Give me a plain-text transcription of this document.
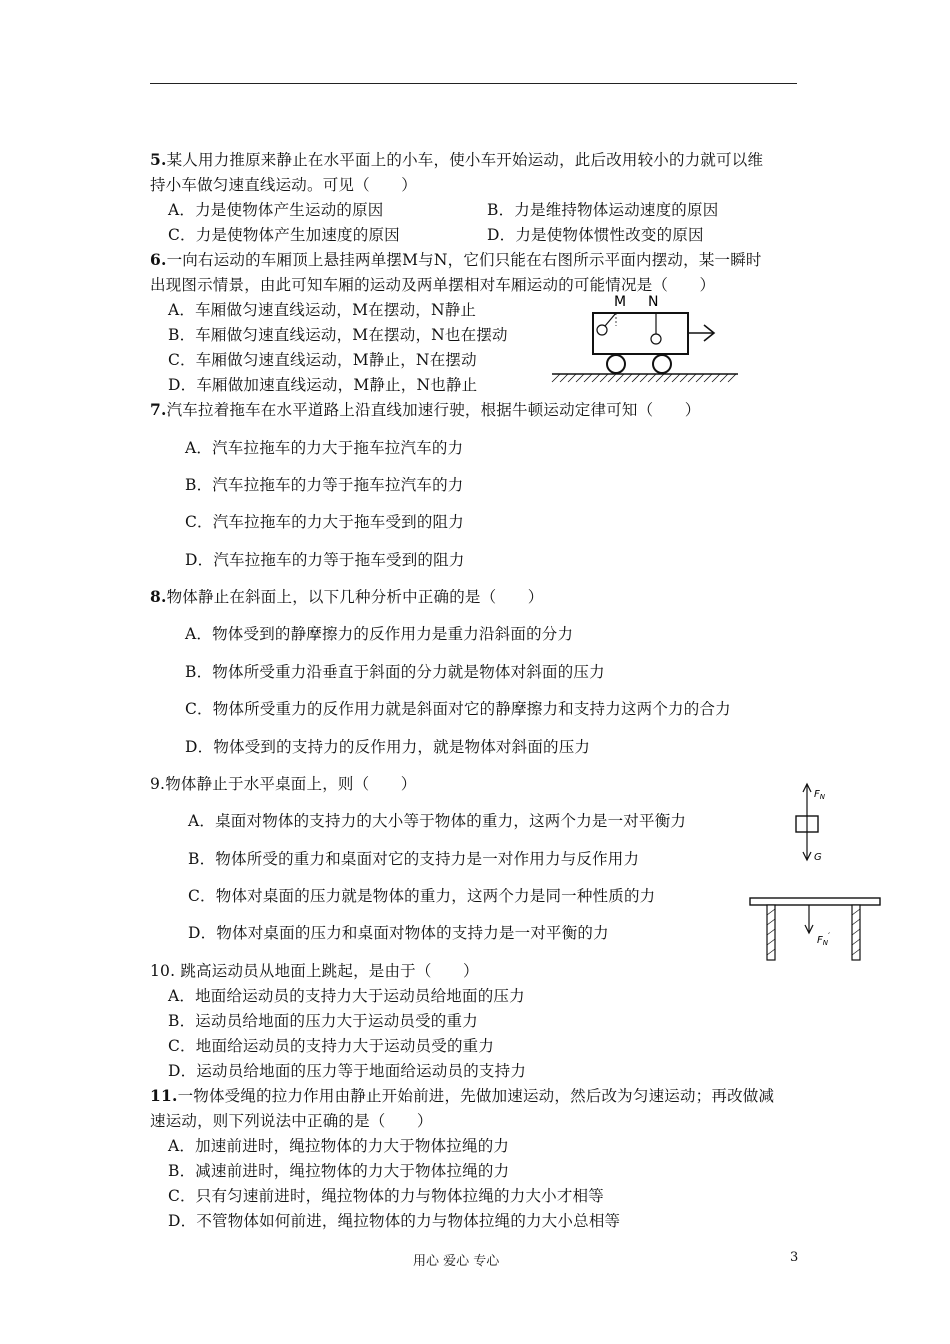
5.某人用力推原来静止在水平面上的小车，使小车开始运动，此后改用较小的力就可以维
持小车做匀速直线运动。可见（　　）
A．力是使物体产生运动的原因	B．力是维持物体运动速度的原因
C．力是使物体产生加速度的原因	D．力是使物体惯性改变的原因
6.一向右运动的车厢顶上悬挂两单摆M与N，它们只能在右图所示平面内摆动，某一瞬时
出现图示情景，由此可知车厢的运动及两单摆相对车厢运动的可能情况是（　　）
A．车厢做匀速直线运动，M在摆动，N静止
B．车厢做匀速直线运动，M在摆动，N也在摆动
C．车厢做匀速直线运动，M静止，N在摆动
D．车厢做加速直线运动，M静止，N也静止
M N
7.汽车拉着拖车在水平道路上沿直线加速行驶，根据牛顿运动定律可知（　　）
A．汽车拉拖车的力大于拖车拉汽车的力
B．汽车拉拖车的力等于拖车拉汽车的力
C．汽车拉拖车的力大于拖车受到的阻力
D．汽车拉拖车的力等于拖车受到的阻力
8.物体静止在斜面上，以下几种分析中正确的是（　　）
A．物体受到的静摩擦力的反作用力是重力沿斜面的分力
B．物体所受重力沿垂直于斜面的分力就是物体对斜面的压力
C．物体所受重力的反作用力就是斜面对它的静摩擦力和支持力这两个力的合力
D．物体受到的支持力的反作用力，就是物体对斜面的压力
9.物体静止于水平桌面上，则（　　）
A．桌面对物体的支持力的大小等于物体的重力，这两个力是一对平衡力
B．物体所受的重力和桌面对它的支持力是一对作用力与反作用力
C．物体对桌面的压力就是物体的重力，这两个力是同一种性质的力
D．物体对桌面的压力和桌面对物体的支持力是一对平衡的力
$F_N$
G
$F_N'$
10. 跳高运动员从地面上跳起，是由于（　　）
A．地面给运动员的支持力大于运动员给地面的压力
B．运动员给地面的压力大于运动员受的重力
C．地面给运动员的支持力大于运动员受的重力
D．运动员给地面的压力等于地面给运动员的支持力
11.一物体受绳的拉力作用由静止开始前进，先做加速运动，然后改为匀速运动；再改做减
速运动，则下列说法中正确的是（　　）
A．加速前进时，绳拉物体的力大于物体拉绳的力
B．减速前进时，绳拉物体的力大于物体拉绳的力
C．只有匀速前进时，绳拉物体的力与物体拉绳的力大小才相等
D．不管物体如何前进，绳拉物体的力与物体拉绳的力大小总相等
用心 爱心 专心	3
